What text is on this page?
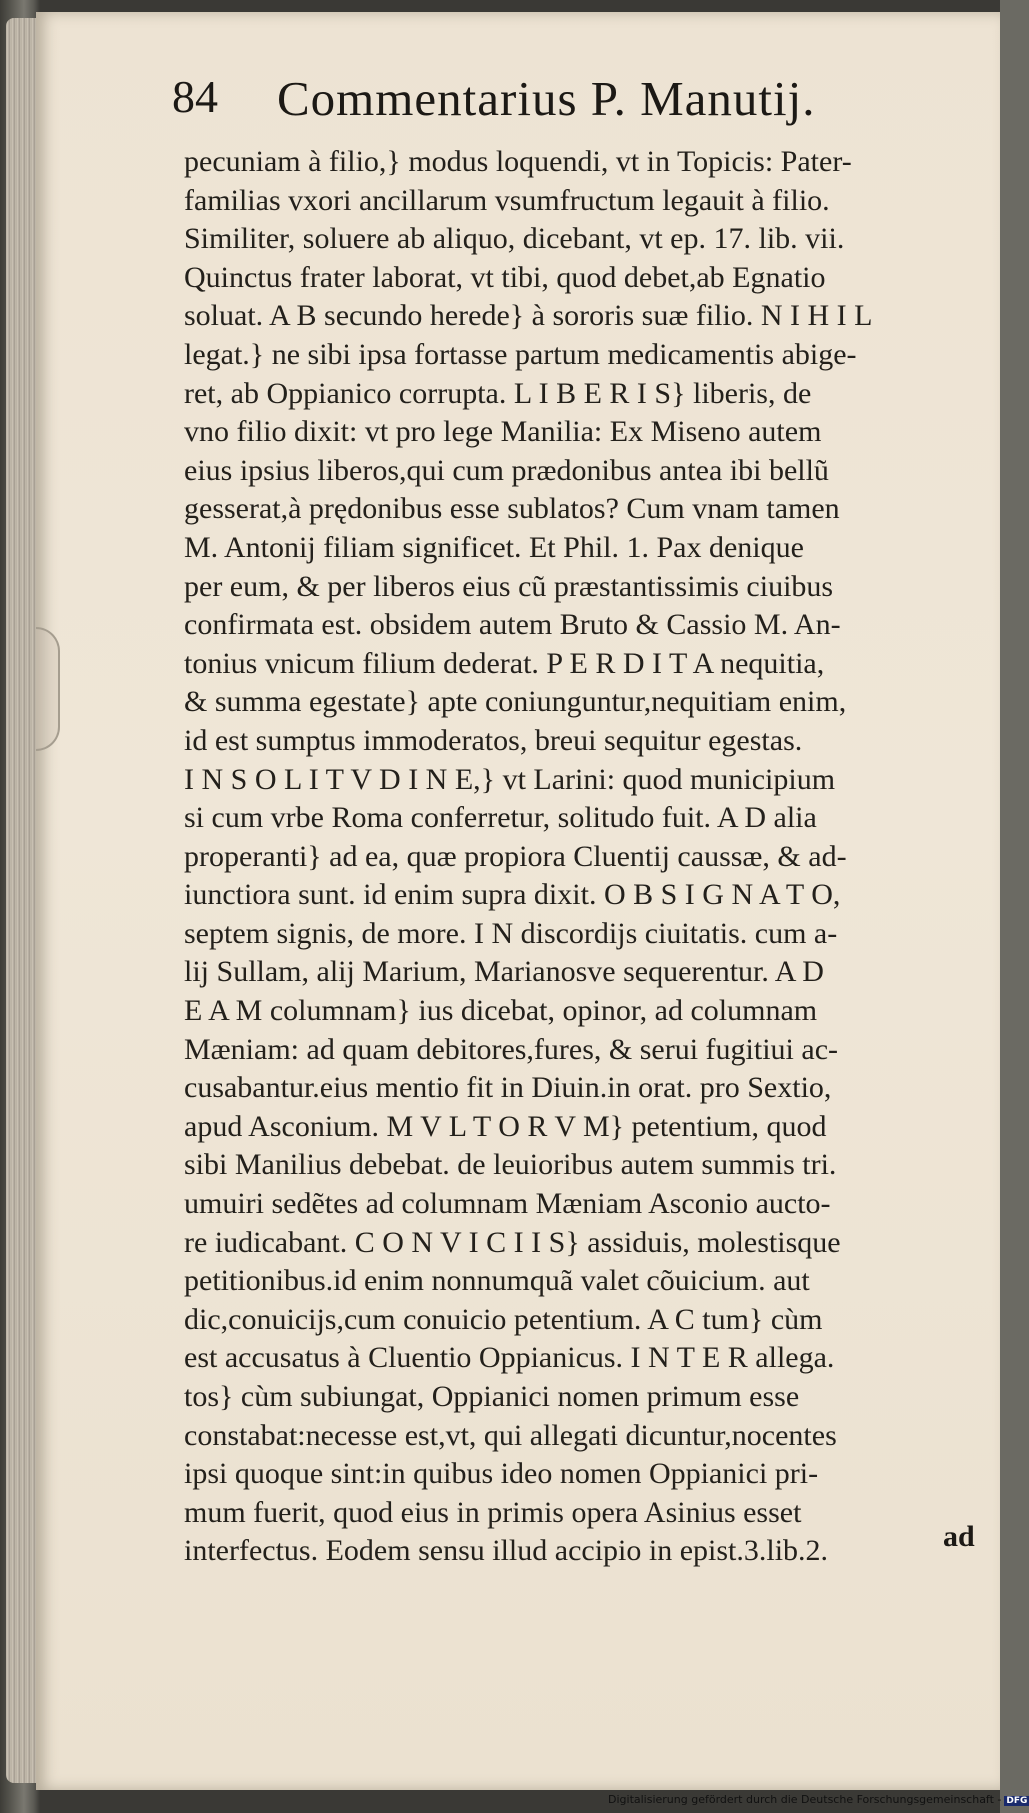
84 Commentarius P. Manutij.
pecuniam à filio,} modus loquendi, vt in Topicis: Pater-
familias vxori ancillarum vsumfructum legauit à filio.
Similiter, soluere ab aliquo, dicebant, vt ep. 17. lib. vii.
Quinctus frater laborat, vt tibi, quod debet,ab Egnatio
soluat. A B secundo herede} à sororis suæ filio. N I H I L
legat.} ne sibi ipsa fortasse partum medicamentis abige-
ret, ab Oppianico corrupta. L I B E R I S} liberis, de
vno filio dixit: vt pro lege Manilia: Ex Miseno autem
eius ipsius liberos,qui cum prædonibus antea ibi bellũ
gesserat,à prędonibus esse sublatos? Cum vnam tamen
M. Antonij filiam significet. Et Phil. 1. Pax denique
per eum, & per liberos eius cũ præstantissimis ciuibus
confirmata est. obsidem autem Bruto & Cassio M. An-
tonius vnicum filium dederat. P E R D I T A nequitia,
& summa egestate} apte coniunguntur,nequitiam enim,
id est sumptus immoderatos, breui sequitur egestas.
I N S O L I T V D I N E,} vt Larini: quod municipium
si cum vrbe Roma conferretur, solitudo fuit. A D alia
properanti} ad ea, quæ propiora Cluentij caussæ, & ad-
iunctiora sunt. id enim supra dixit. O B S I G N A T O,
septem signis, de more. I N discordijs ciuitatis. cum a-
lij Sullam, alij Marium, Marianosve sequerentur. A D
E A M columnam} ius dicebat, opinor, ad columnam
Mæniam: ad quam debitores,fures, & serui fugitiui ac-
cusabantur.eius mentio fit in Diuin.in orat. pro Sextio,
apud Asconium. M V L T O R V M} petentium, quod
sibi Manilius debebat. de leuioribus autem summis tri.
umuiri sedẽtes ad columnam Mæniam Asconio aucto-
re iudicabant. C O N V I C I I S} assiduis, molestisque
petitionibus.id enim nonnumquã valet cõuicium. aut
dic,conuicijs,cum conuicio petentium. A C tum} cùm
est accusatus à Cluentio Oppianicus. I N T E R allega.
tos} cùm subiungat, Oppianici nomen primum esse
constabat:necesse est,vt, qui allegati dicuntur,nocentes
ipsi quoque sint:in quibus ideo nomen Oppianici pri-
mum fuerit, quod eius in primis opera Asinius esset
interfectus. Eodem sensu illud accipio in epist.3.lib.2.	ad
Digitalisierung gefördert durch die Deutsche Forschungsgemeinschaft - DFG
